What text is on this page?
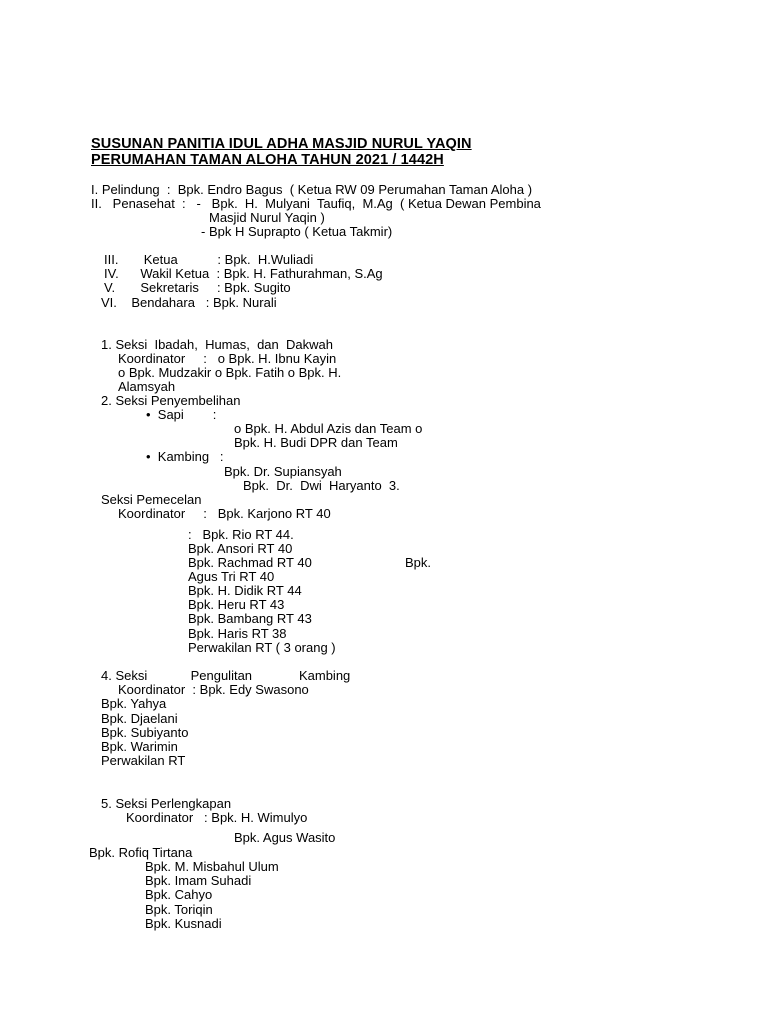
SUSUNAN PANITIA IDUL ADHA MASJID NURUL YAQIN
PERUMAHAN TAMAN ALOHA TAHUN 2021 / 1442H
I. Pelindung  :  Bpk. Endro Bagus  ( Ketua RW 09 Perumahan Taman Aloha )
II.   Penasehat  :   -   Bpk.  H.  Mulyani  Taufiq,  M.Ag  ( Ketua Dewan Pembina
Masjid Nurul Yaqin )
- Bpk H Suprapto ( Ketua Takmir)
III.       Ketua           : Bpk.  H.Wuliadi
IV.      Wakil Ketua  : Bpk. H. Fathurahman, S.Ag
V.       Sekretaris     : Bpk. Sugito
VI.    Bendahara   : Bpk. Nurali
1. Seksi  Ibadah,  Humas,  dan  Dakwah
Koordinator     :   o Bpk. H. Ibnu Kayin
o Bpk. Mudzakir o Bpk. Fatih o Bpk. H.
Alamsyah
2. Seksi Penyembelihan
•  Sapi        :
o Bpk. H. Abdul Azis dan Team o
Bpk. H. Budi DPR dan Team
•  Kambing   :
Bpk. Dr. Supiansyah
Bpk.  Dr.  Dwi  Haryanto  3.
Seksi Pemecelan
Koordinator     :   Bpk. Karjono RT 40
:   Bpk. Rio RT 44.
Bpk. Ansori RT 40
Bpk. Rachmad RT 40	Bpk.
Agus Tri RT 40
Bpk. H. Didik RT 44
Bpk. Heru RT 43
Bpk. Bambang RT 43
Bpk. Haris RT 38
Perwakilan RT ( 3 orang )
4. Seksi            Pengulitan             Kambing
Koordinator  : Bpk. Edy Swasono
Bpk. Yahya
Bpk. Djaelani
Bpk. Subiyanto
Bpk. Warimin
Perwakilan RT
5. Seksi Perlengkapan
Koordinator   : Bpk. H. Wimulyo
Bpk. Agus Wasito
Bpk. Rofiq Tirtana
Bpk. M. Misbahul Ulum
Bpk. Imam Suhadi
Bpk. Cahyo
Bpk. Toriqin
Bpk. Kusnadi
